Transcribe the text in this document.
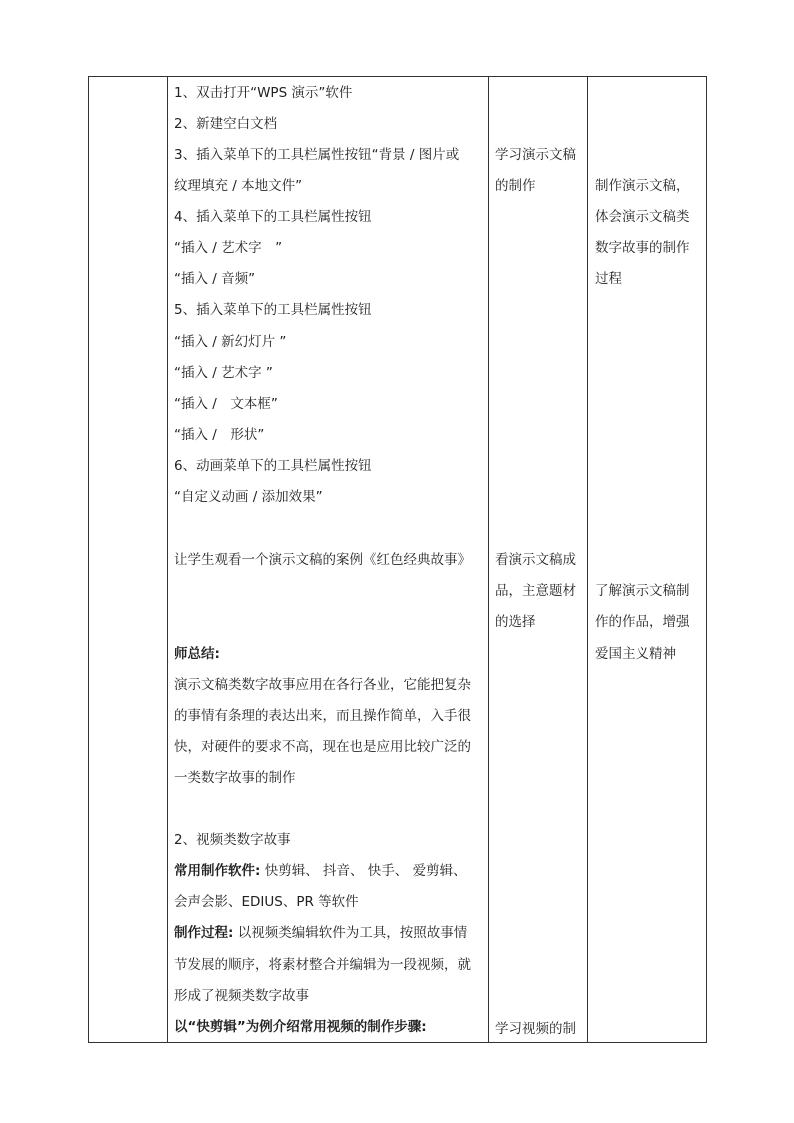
1、双击打开“WPS 演示”软件
2、新建空白文档
3、插入菜单下的工具栏属性按钮“背景 / 图片或
纹理填充 / 本地文件”
4、插入菜单下的工具栏属性按钮
“插入 / 艺术字　”
“插入 / 音频”
5、插入菜单下的工具栏属性按钮
“插入 / 新幻灯片 ”
“插入 / 艺术字 ”
“插入 /　文本框”
“插入 /　形状”
6、动画菜单下的工具栏属性按钮
“自定义动画 / 添加效果”
让学生观看一个演示文稿的案例《红色经典故事》
师总结:
演示文稿类数字故事应用在各行各业，它能把复杂
的事情有条理的表达出来，而且操作简单，入手很
快，对硬件的要求不高，现在也是应用比较广泛的
一类数字故事的制作
2、视频类数字故事
常用制作软件: 快剪辑、 抖音、 快手、 爱剪辑、
会声会影、EDIUS、PR 等软件
制作过程: 以视频类编辑软件为工具，按照故事情
节发展的顺序，将素材整合并编辑为一段视频，就
形成了视频类数字故事
以“快剪辑”为例介绍常用视频的制作步骤:
学习演示文稿
的制作
看演示文稿成
品，主意题材
的选择
学习视频的制
制作演示文稿，
体会演示文稿类
数字故事的制作
过程
了解演示文稿制
作的作品，增强
爱国主义精神
